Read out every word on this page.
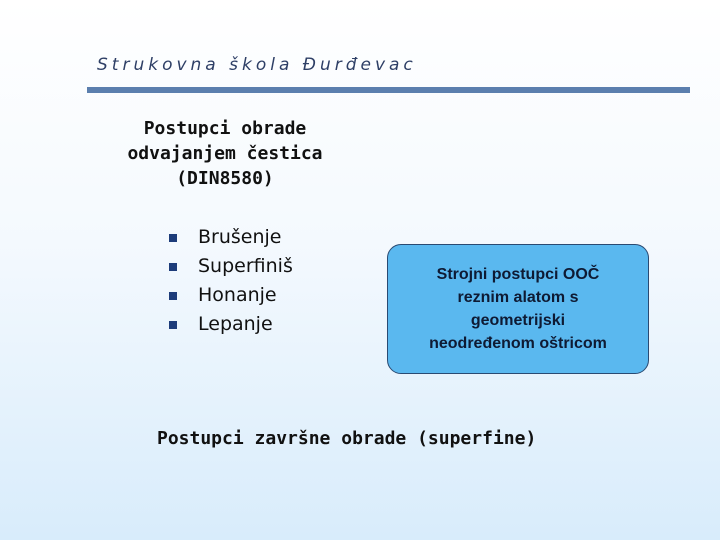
Strukovna škola Đurđevac
Postupci obrade
odvajanjem čestica
(DIN8580)
Brušenje
Superfiniš
Honanje
Lepanje
Strojni postupci OOČ
reznim alatom s
geometrijski
neodređenom oštricom
Postupci završne obrade (superfine)
